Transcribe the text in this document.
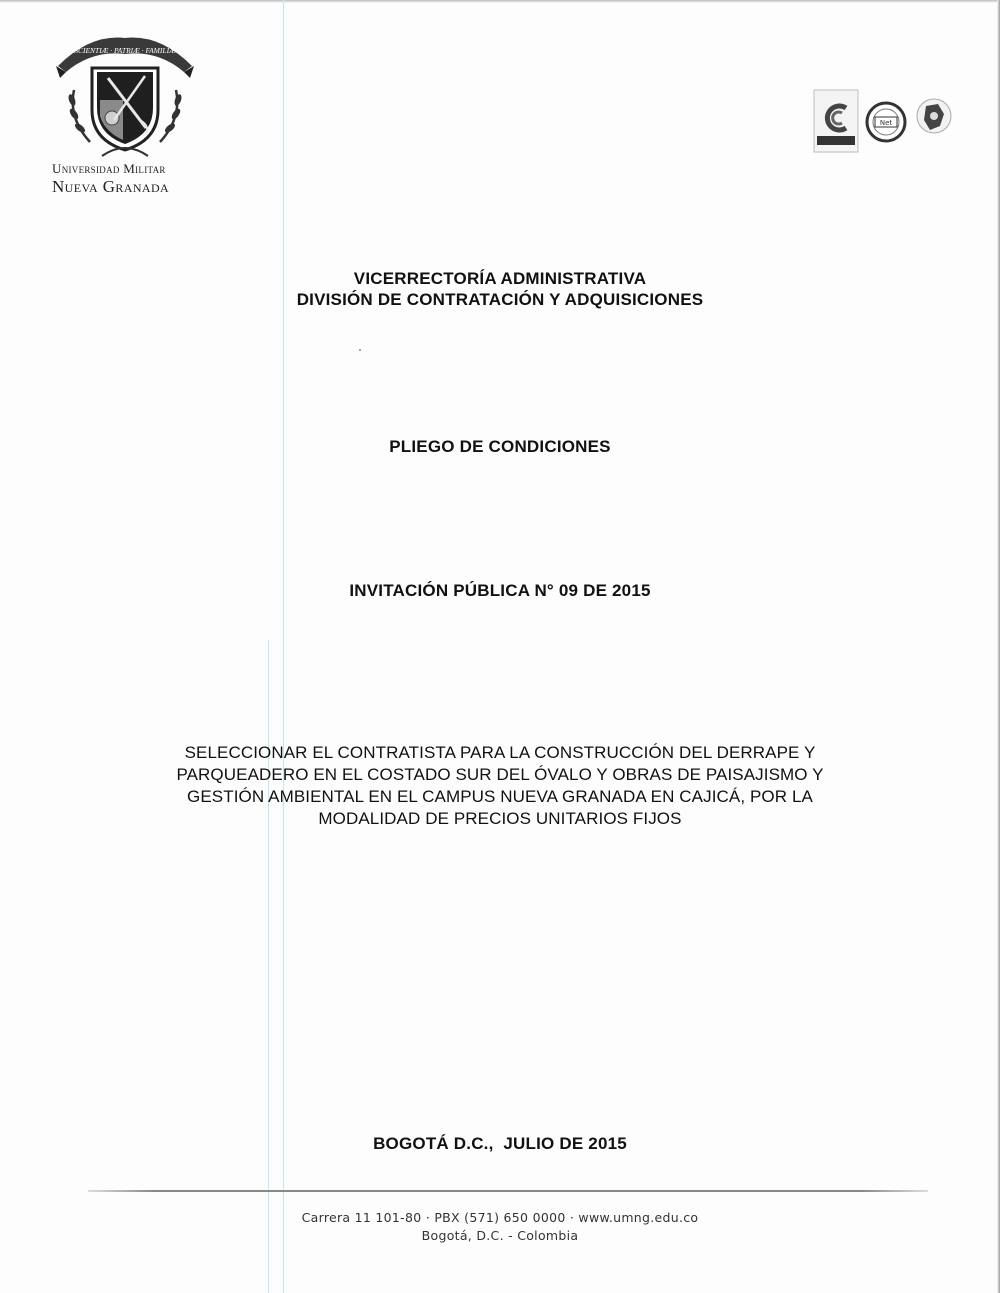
SCIENTIÆ · PATRIÆ · FAMILIÆ
Universidad Militar
Nueva Granada
Net
VICERRECTORÍA ADMINISTRATIVA
DIVISIÓN DE CONTRATACIÓN Y ADQUISICIONES
PLIEGO DE CONDICIONES
INVITACIÓN PÚBLICA N° 09 DE 2015
SELECCIONAR EL CONTRATISTA PARA LA CONSTRUCCIÓN DEL DERRAPE Y
PARQUEADERO EN EL COSTADO SUR DEL ÓVALO Y OBRAS DE PAISAJISMO Y
GESTIÓN AMBIENTAL EN EL CAMPUS NUEVA GRANADA EN CAJICÁ, POR LA
MODALIDAD DE PRECIOS UNITARIOS FIJOS
BOGOTÁ D.C.,  JULIO DE 2015
Carrera 11 101-80 · PBX (571) 650 0000 · www.umng.edu.co
Bogotá, D.C. - Colombia
